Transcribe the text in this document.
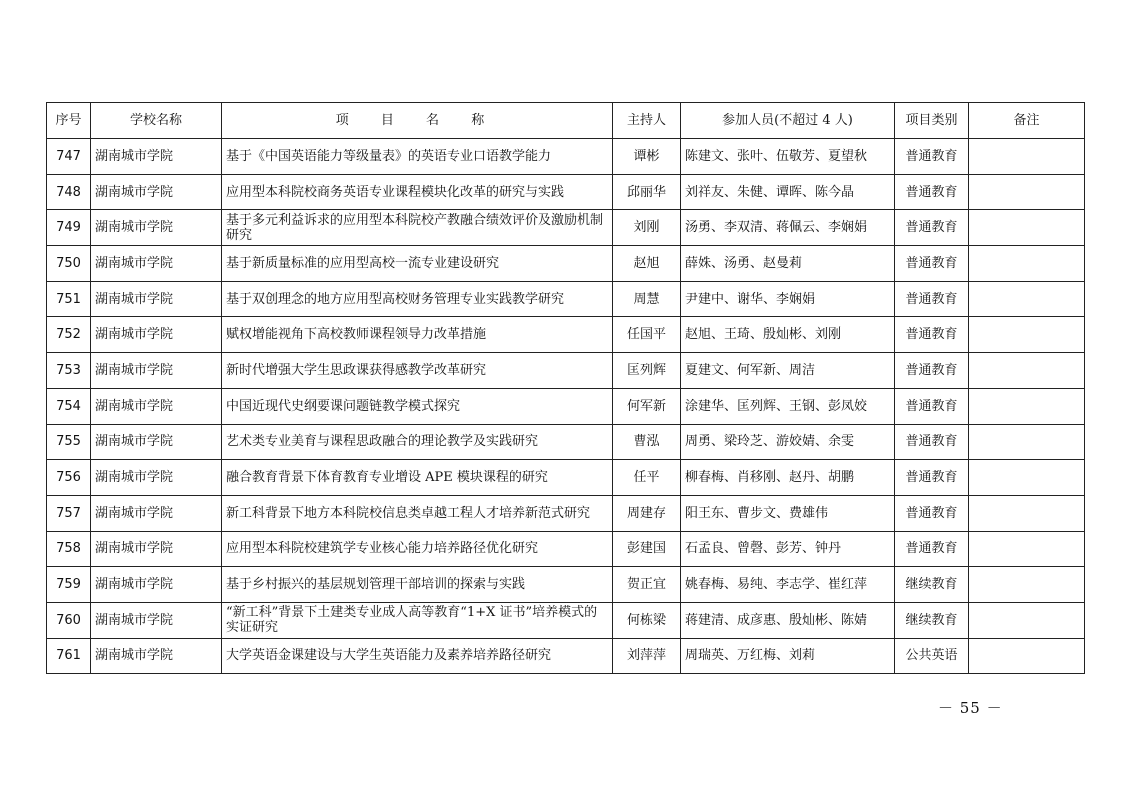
序号	学校名称	项 目 名 称	主持人	参加人员(不超过 4 人)	项目类别	备注
747	湖南城市学院	基于《中国英语能力等级量表》的英语专业口语教学能力	谭彬	陈建文、张叶、伍敬芳、夏望秋	普通教育	
748	湖南城市学院	应用型本科院校商务英语专业课程模块化改革的研究与实践	邱丽华	刘祥友、朱健、谭晖、陈今晶	普通教育	
749	湖南城市学院	基于多元利益诉求的应用型本科院校产教融合绩效评价及激励机制研究	刘刚	汤勇、李双清、蒋佩云、李娴娟	普通教育	
750	湖南城市学院	基于新质量标准的应用型高校一流专业建设研究	赵旭	薛姝、汤勇、赵曼莉	普通教育	
751	湖南城市学院	基于双创理念的地方应用型高校财务管理专业实践教学研究	周慧	尹建中、谢华、李娴娟	普通教育	
752	湖南城市学院	赋权增能视角下高校教师课程领导力改革措施	任国平	赵旭、王琦、殷灿彬、刘刚	普通教育	
753	湖南城市学院	新时代增强大学生思政课获得感教学改革研究	匡列辉	夏建文、何军新、周洁	普通教育	
754	湖南城市学院	中国近现代史纲要课问题链教学模式探究	何军新	涂建华、匡列辉、王钢、彭凤姣	普通教育	
755	湖南城市学院	艺术类专业美育与课程思政融合的理论教学及实践研究	曹泓	周勇、梁玲芝、游姣婧、余雯	普通教育	
756	湖南城市学院	融合教育背景下体育教育专业增设 APE 模块课程的研究	任平	柳春梅、肖移刚、赵丹、胡鹏	普通教育	
757	湖南城市学院	新工科背景下地方本科院校信息类卓越工程人才培养新范式研究	周建存	阳王东、曹步文、费雄伟	普通教育	
758	湖南城市学院	应用型本科院校建筑学专业核心能力培养路径优化研究	彭建国	石孟良、曾磬、彭芳、钟丹	普通教育	
759	湖南城市学院	基于乡村振兴的基层规划管理干部培训的探索与实践	贺正宜	姚春梅、易纯、李志学、崔红萍	继续教育	
760	湖南城市学院	“新工科”背景下土建类专业成人高等教育“1+X 证书”培养模式的实证研究	何栋梁	蒋建清、成彦惠、殷灿彬、陈婧	继续教育	
761	湖南城市学院	大学英语金课建设与大学生英语能力及素养培养路径研究	刘萍萍	周瑞英、万红梅、刘莉	公共英语	
－ 55 －
